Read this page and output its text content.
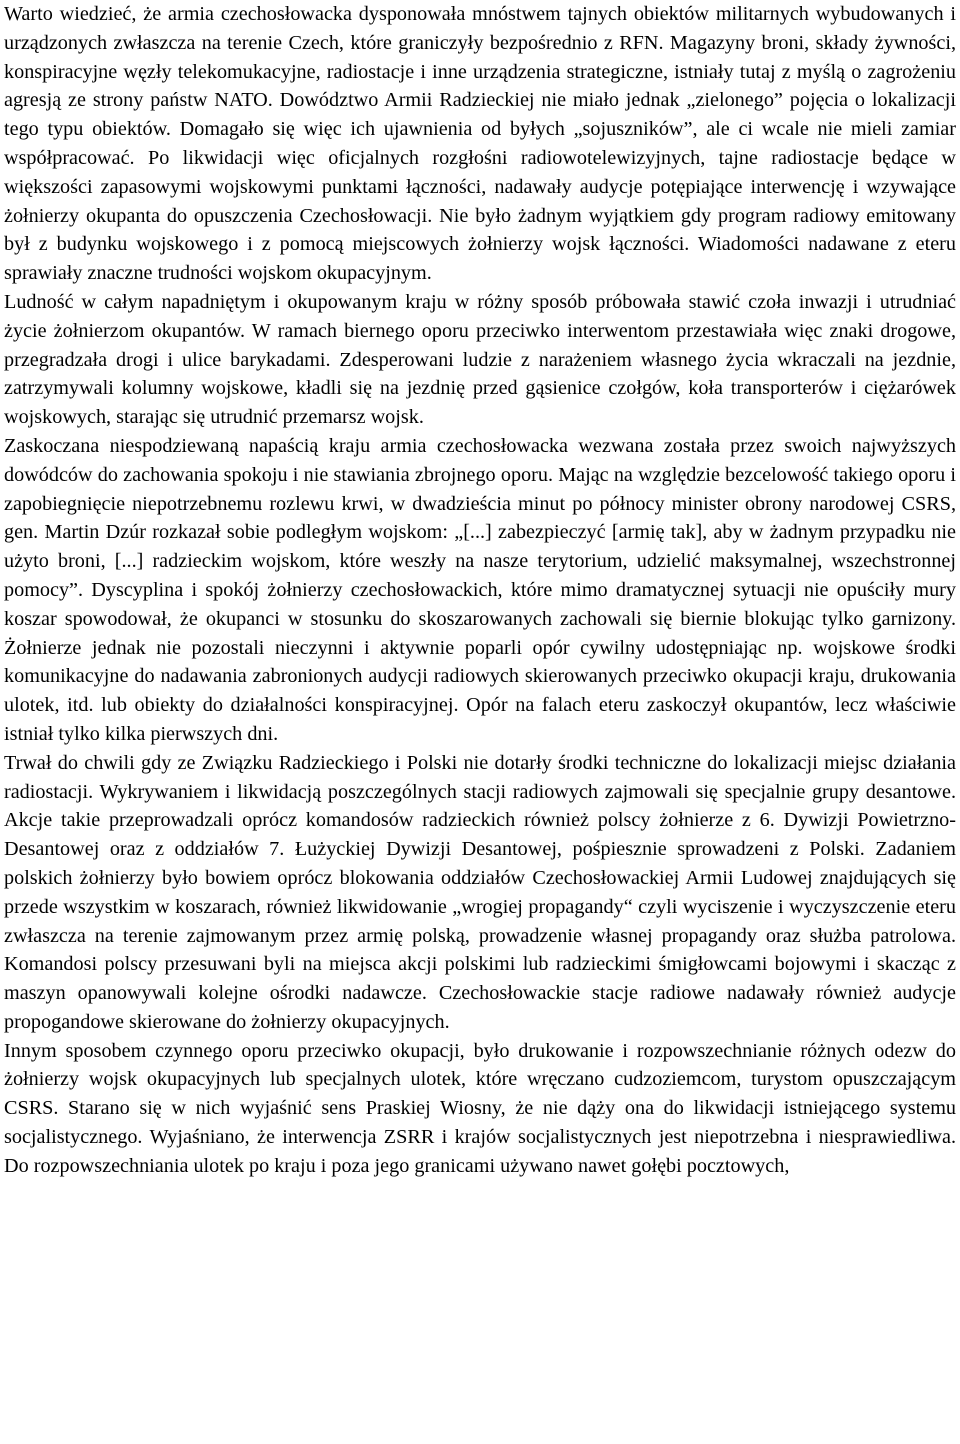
Warto wiedzieć, że armia czechosłowacka dysponowała mnóstwem tajnych obiektów militarnych wybudowanych i urządzonych zwłaszcza na terenie Czech, które graniczyły bezpośrednio z RFN. Magazyny broni, składy żywności, konspiracyjne węzły telekomukacyjne, radiostacje i inne urządzenia strategiczne, istniały tutaj z myślą o zagrożeniu agresją ze strony państw NATO. Dowództwo Armii Radzieckiej nie miało jednak „zielonego” pojęcia o lokalizacji tego typu obiektów. Domagało się więc ich ujawnienia od byłych „sojuszników”, ale ci wcale nie mieli zamiar współpracować. Po likwidacji więc oficjalnych rozgłośni radiowotelewizyjnych, tajne radiostacje będące w większości zapasowymi wojskowymi punktami łączności, nadawały audycje potępiające interwencję i wzywające żołnierzy okupanta do opuszczenia Czechosłowacji. Nie było żadnym wyjątkiem gdy program radiowy emitowany był z budynku wojskowego i z pomocą miejscowych żołnierzy wojsk łączności. Wiadomości nadawane z eteru sprawiały znaczne trudności wojskom okupacyjnym.

Ludność w całym napadniętym i okupowanym kraju w różny sposób próbowała stawić czoła inwazji i utrudniać życie żołnierzom okupantów. W ramach biernego oporu przeciwko interwentom przestawiała więc znaki drogowe, przegradzała drogi i ulice barykadami. Zdesperowani ludzie z narażeniem własnego życia wkraczali na jezdnie, zatrzymywali kolumny wojskowe, kładli się na jezdnię przed gąsienice czołgów, koła transporterów i ciężarówek wojskowych, starając się utrudnić przemarsz wojsk.

Zaskoczana niespodziewaną napaścią kraju armia czechosłowacka wezwana została przez swoich najwyższych dowódców do zachowania spokoju i nie stawiania zbrojnego oporu. Mając na względzie bezcelowość takiego oporu i zapobiegnięcie niepotrzebnemu rozlewu krwi, w dwadzieścia minut po północy minister obrony narodowej CSRS, gen. Martin Dzúr rozkazał sobie podległym wojskom: „[...] zabezpieczyć [armię tak], aby w żadnym przypadku nie użyto broni, [...] radzieckim wojskom, które weszły na nasze terytorium, udzielić maksymalnej, wszechstronnej pomocy”. Dyscyplina i spokój żołnierzy czechosłowackich, które mimo dramatycznej sytuacji nie opuściły mury koszar spowodował, że okupanci w stosunku do skoszarowanych zachowali się biernie blokując tylko garnizony. Żołnierze jednak nie pozostali nieczynni i aktywnie poparli opór cywilny udostępniając np. wojskowe środki komunikacyjne do nadawania zabronionych audycji radiowych skierowanych przeciwko okupacji kraju, drukowania ulotek, itd. lub obiekty do działalności konspiracyjnej. Opór na falach eteru zaskoczył okupantów, lecz właściwie istniał tylko kilka pierwszych dni.

Trwał do chwili gdy ze Związku Radzieckiego i Polski nie dotarły środki techniczne do lokalizacji miejsc działania radiostacji. Wykrywaniem i likwidacją poszczególnych stacji radiowych zajmowali się specjalnie grupy desantowe. Akcje takie przeprowadzali oprócz komandosów radzieckich również polscy żołnierze z 6. Dywizji Powietrzno-Desantowej oraz z oddziałów 7. Łużyckiej Dywizji Desantowej, pośpiesznie sprowadzeni z Polski. Zadaniem polskich żołnierzy było bowiem oprócz blokowania oddziałów Czechosłowackiej Armii Ludowej znajdujących się przede wszystkim w koszarach, również likwidowanie „wrogiej propagandy“ czyli wyciszenie i wyczyszczenie eteru zwłaszcza na terenie zajmowanym przez armię polską, prowadzenie własnej propagandy oraz służba patrolowa. Komandosi polscy przesuwani byli na miejsca akcji polskimi lub radzieckimi śmigłowcami bojowymi i skacząc z maszyn opanowywali kolejne ośrodki nadawcze. Czechosłowackie stacje radiowe nadawały również audycje propogandowe skierowane do żołnierzy okupacyjnych.

Innym sposobem czynnego oporu przeciwko okupacji, było drukowanie i rozpowszechnianie różnych odezw do żołnierzy wojsk okupacyjnych lub specjalnych ulotek, które wręczano cudzoziemcom, turystom opuszczającym CSRS. Starano się w nich wyjaśnić sens Praskiej Wiosny, że nie dąży ona do likwidacji istniejącego systemu socjalistycznego. Wyjaśniano, że interwencja ZSRR i krajów socjalistycznych jest niepotrzebna i niesprawiedliwa. Do rozpowszechniania ulotek po kraju i poza jego granicami używano nawet gołębi pocztowych,
